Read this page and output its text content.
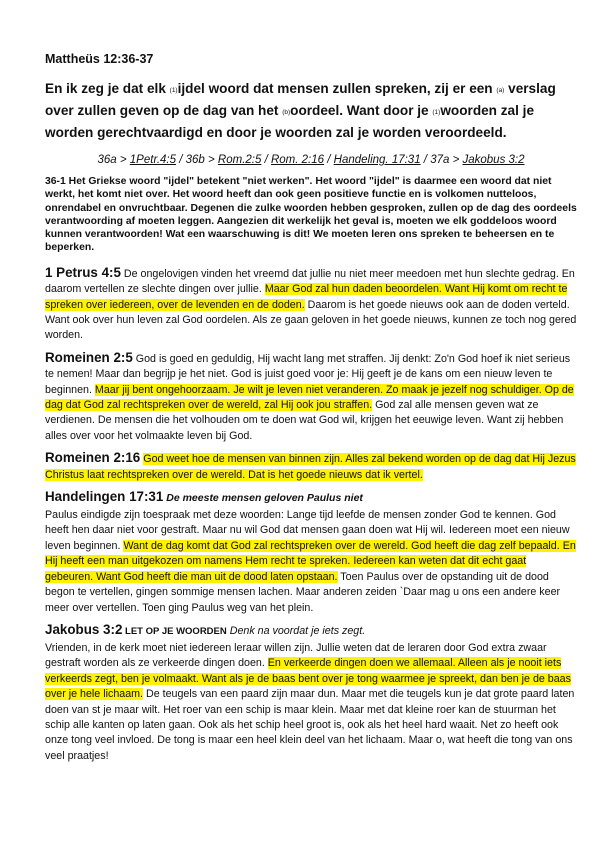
Mattheüs 12:36-37

En ik zeg je dat elk $^{(1)}$ijdel woord dat mensen zullen spreken, zij er een $^{(a)}$ verslag over zullen geven op de dag van het $^{(b)}$oordeel. Want door je $^{(1)}$woorden zal je worden gerechtvaardigd en door je woorden zal je worden veroordeeld.

36a > 1Petr.4:5 / 36b > Rom.2:5 / Rom. 2:16 / Handeling. 17:31 / 37a > Jakobus 3:2

36-1 Het Griekse woord "ijdel" betekent "niet werken". Het woord "ijdel" is daarmee een woord dat niet werkt, het komt niet over. Het woord heeft dan ook geen positieve functie en is volkomen nutteloos, onrendabel en onvruchtbaar. Degenen die zulke woorden hebben gesproken, zullen op de dag des oordeels verantwoording af moeten leggen. Aangezien dit werkelijk het geval is, moeten we elk goddeloos woord kunnen verantwoorden! Wat een waarschuwing is dit! We moeten leren ons spreken te beheersen en te beperken.

1 Petrus 4:5 De ongelovigen vinden het vreemd dat jullie nu niet meer meedoen met hun slechte gedrag. En daarom vertellen ze slechte dingen over jullie. Maar God zal hun daden beoordelen. Want Hij komt om recht te spreken over iedereen, over de levenden en de doden. Daarom is het goede nieuws ook aan de doden verteld. Want ook over hun leven zal God oordelen. Als ze gaan geloven in het goede nieuws, kunnen ze toch nog gered worden.

Romeinen 2:5 God is goed en geduldig, Hij wacht lang met straffen. Jij denkt: Zo'n God hoef ik niet serieus te nemen! Maar dan begrijp je het niet. God is juist goed voor je: Hij geeft je de kans om een nieuw leven te beginnen. Maar jij bent ongehoorzaam. Je wilt je leven niet veranderen. Zo maak je jezelf nog schuldiger. Op de dag dat God zal rechtspreken over de wereld, zal Hij ook jou straffen. God zal alle mensen geven wat ze verdienen. De mensen die het volhouden om te doen wat God wil, krijgen het eeuwige leven. Want zij hebben alles over voor het volmaakte leven bij God.

Romeinen 2:16 God weet hoe de mensen van binnen zijn. Alles zal bekend worden op de dag dat Hij Jezus Christus laat rechtspreken over de wereld. Dat is het goede nieuws dat ik vertel.

Handelingen 17:31 De meeste mensen geloven Paulus niet

Paulus eindigde zijn toespraak met deze woorden: Lange tijd leefde de mensen zonder God te kennen. God heeft hen daar niet voor gestraft. Maar nu wil God dat mensen gaan doen wat Hij wil. Iedereen moet een nieuw leven beginnen. Want de dag komt dat God zal rechtspreken over de wereld. God heeft die dag zelf bepaald. En Hij heeft een man uitgekozen om namens Hem recht te spreken. Iedereen kan weten dat dit echt gaat gebeuren. Want God heeft die man uit de dood laten opstaan. Toen Paulus over de opstanding uit de dood begon te vertellen, gingen sommige mensen lachen. Maar anderen zeiden `Daar mag u ons een andere keer meer over vertellen. Toen ging Paulus weg van het plein.

Jakobus 3:2 LET OP JE WOORDEN Denk na voordat je iets zegt.

Vrienden, in de kerk moet niet iedereen leraar willen zijn. Jullie weten dat de leraren door God extra zwaar gestraft worden als ze verkeerde dingen doen. En verkeerde dingen doen we allemaal. Alleen als je nooit iets verkeerds zegt, ben je volmaakt. Want als je de baas bent over je tong waarmee je spreekt, dan ben je de baas over je hele lichaam. De teugels van een paard zijn maar dun. Maar met die teugels kun je dat grote paard laten doen van st je maar wilt. Het roer van een schip is maar klein. Maar met dat kleine roer kan de stuurman het schip alle kanten op laten gaan. Ook als het schip heel groot is, ook als het heel hard waait. Net zo heeft ook onze tong veel invloed. De tong is maar een heel klein deel van het lichaam. Maar o, wat heeft die tong van ons veel praatjes!
